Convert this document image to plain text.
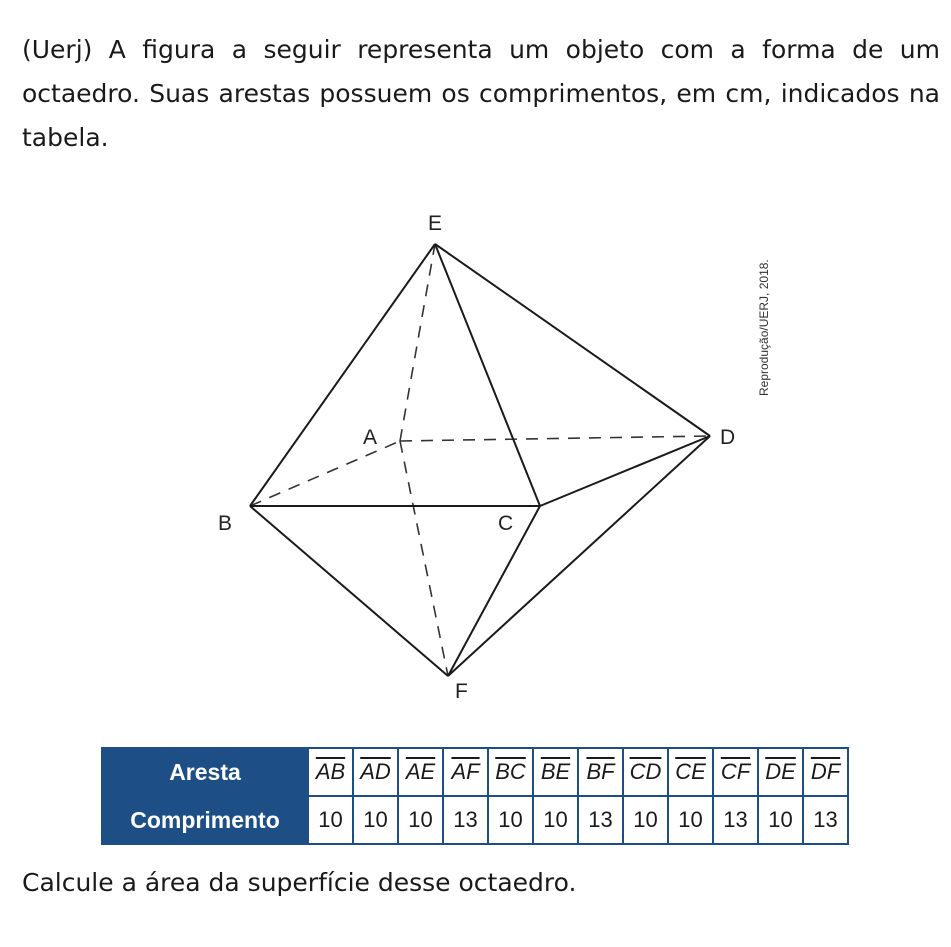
(Uerj) A figura a seguir representa um objeto com a forma de um octaedro. Suas arestas possuem os comprimentos, em cm, indicados na tabela.

E
A	D
B	C
F
Reprodução/UERJ, 2018.
Aresta	$\overline{AB}$	$\overline{AD}$	$\overline{AE}$	$\overline{AF}$	$\overline{BC}$	$\overline{BE}$	$\overline{BF}$	$\overline{CD}$	$\overline{CE}$	$\overline{CF}$	$\overline{DE}$	$\overline{DF}$
Comprimento	10	10	10	13	10	10	13	10	10	13	10	13

Calcule a área da superfície desse octaedro.
